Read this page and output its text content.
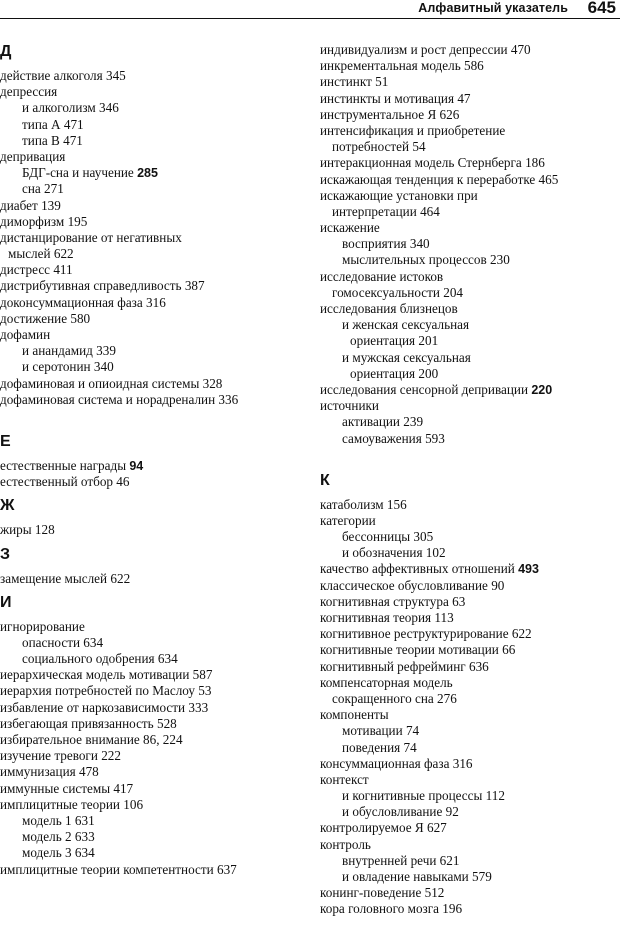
Алфавитный указатель 645
Д
действие алкоголя 345
депрессия
и алкоголизм 346
типа А 471
типа В 471
депривация
БДГ-сна и научение 285
сна 271
диабет 139
диморфизм 195
дистанцирование от негативных
мыслей 622
дистресс 411
дистрибутивная справедливость 387
доконсуммационная фаза 316
достижение 580
дофамин
и анандамид 339
и серотонин 340
дофаминовая и опиоидная системы 328
дофаминовая система и норадреналин 336
Е
естественные награды 94
естественный отбор 46
Ж
жиры 128
З
замещение мыслей 622
И
игнорирование
опасности 634
социального одобрения 634
иерархическая модель мотивации 587
иерархия потребностей по Маслоу 53
избавление от наркозависимости 333
избегающая привязанность 528
избирательное внимание 86, 224
изучение тревоги 222
иммунизация 478
иммунные системы 417
имплицитные теории 106
модель 1 631
модель 2 633
модель 3 634
имплицитные теории компетентности 637
индивидуализм и рост депрессии 470
инкрементальная модель 586
инстинкт 51
инстинкты и мотивация 47
инструментальное Я 626
интенсификация и приобретение
потребностей 54
интеракционная модель Стернберга 186
искажающая тенденция к переработке 465
искажающие установки при
интерпретации 464
искажение
восприятия 340
мыслительных процессов 230
исследование истоков
гомосексуальности 204
исследования близнецов
и женская сексуальная
ориентация 201
и мужская сексуальная
ориентация 200
исследования сенсорной депривации 220
источники
активации 239
самоуважения 593
К
катаболизм 156
категории
бессонницы 305
и обозначения 102
качество аффективных отношений 493
классическое обусловливание 90
когнитивная структура 63
когнитивная теория 113
когнитивное реструктурирование 622
когнитивные теории мотивации 66
когнитивный рефрейминг 636
компенсаторная модель
сокращенного сна 276
компоненты
мотивации 74
поведения 74
консуммационная фаза 316
контекст
и когнитивные процессы 112
и обусловливание 92
контролируемое Я 627
контроль
внутренней речи 621
и овладение навыками 579
конинг-поведение 512
кора головного мозга 196
